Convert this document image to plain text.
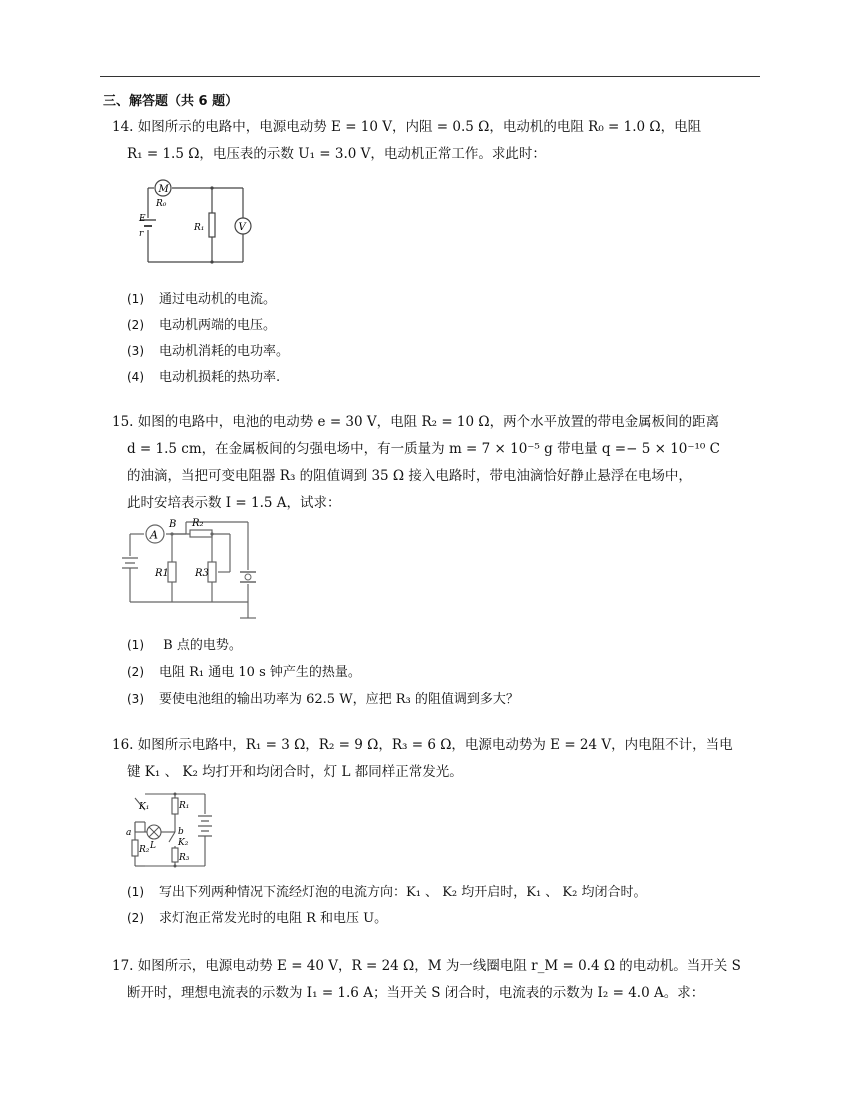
三、解答题（共 6 题）
14. 如图所示的电路中，电源电动势 E = 10 V，内阻 = 0.5 Ω，电动机的电阻 R₀ = 1.0 Ω，电阻
R₁ = 1.5 Ω，电压表的示数 U₁ = 3.0 V，电动机正常工作。求此时：
M
V
R₀
E
r
R₁
(1) 通过电动机的电流。
(2) 电动机两端的电压。
(3) 电动机消耗的电功率。
(4) 电动机损耗的热功率.
15. 如图的电路中，电池的电动势 e = 30 V，电阻 R₂ = 10 Ω，两个水平放置的带电金属板间的距离
d = 1.5 cm，在金属板间的匀强电场中，有一质量为 m = 7 × 10⁻⁵ g 带电量 q =− 5 × 10⁻¹⁰ C
的油滴，当把可变电阻器 R₃ 的阻值调到 35 Ω 接入电路时，带电油滴恰好静止悬浮在电场中，
此时安培表示数 I = 1.5 A，试求：
A
B R₂
R1	R3
(1) B 点的电势。
(2) 电阻 R₁ 通电 10 s 钟产生的热量。
(3) 要使电池组的输出功率为 62.5 W，应把 R₃ 的阻值调到多大？
16. 如图所示电路中，R₁ = 3 Ω，R₂ = 9 Ω，R₃ = 6 Ω，电源电动势为 E = 24 V，内电阻不计，当电
键 K₁ 、 K₂ 均打开和均闭合时，灯 L 都同样正常发光。
K₁	R₁
a	b
L K₂
R₂
R₃
(1) 写出下列两种情况下流经灯泡的电流方向：K₁ 、 K₂ 均开启时，K₁ 、 K₂ 均闭合时。
(2) 求灯泡正常发光时的电阻 R 和电压 U。
17. 如图所示，电源电动势 E = 40 V，R = 24 Ω，M 为一线圈电阻 r_M = 0.4 Ω 的电动机。当开关 S
断开时，理想电流表的示数为 I₁ = 1.6 A；当开关 S 闭合时，电流表的示数为 I₂ = 4.0 A。求：
